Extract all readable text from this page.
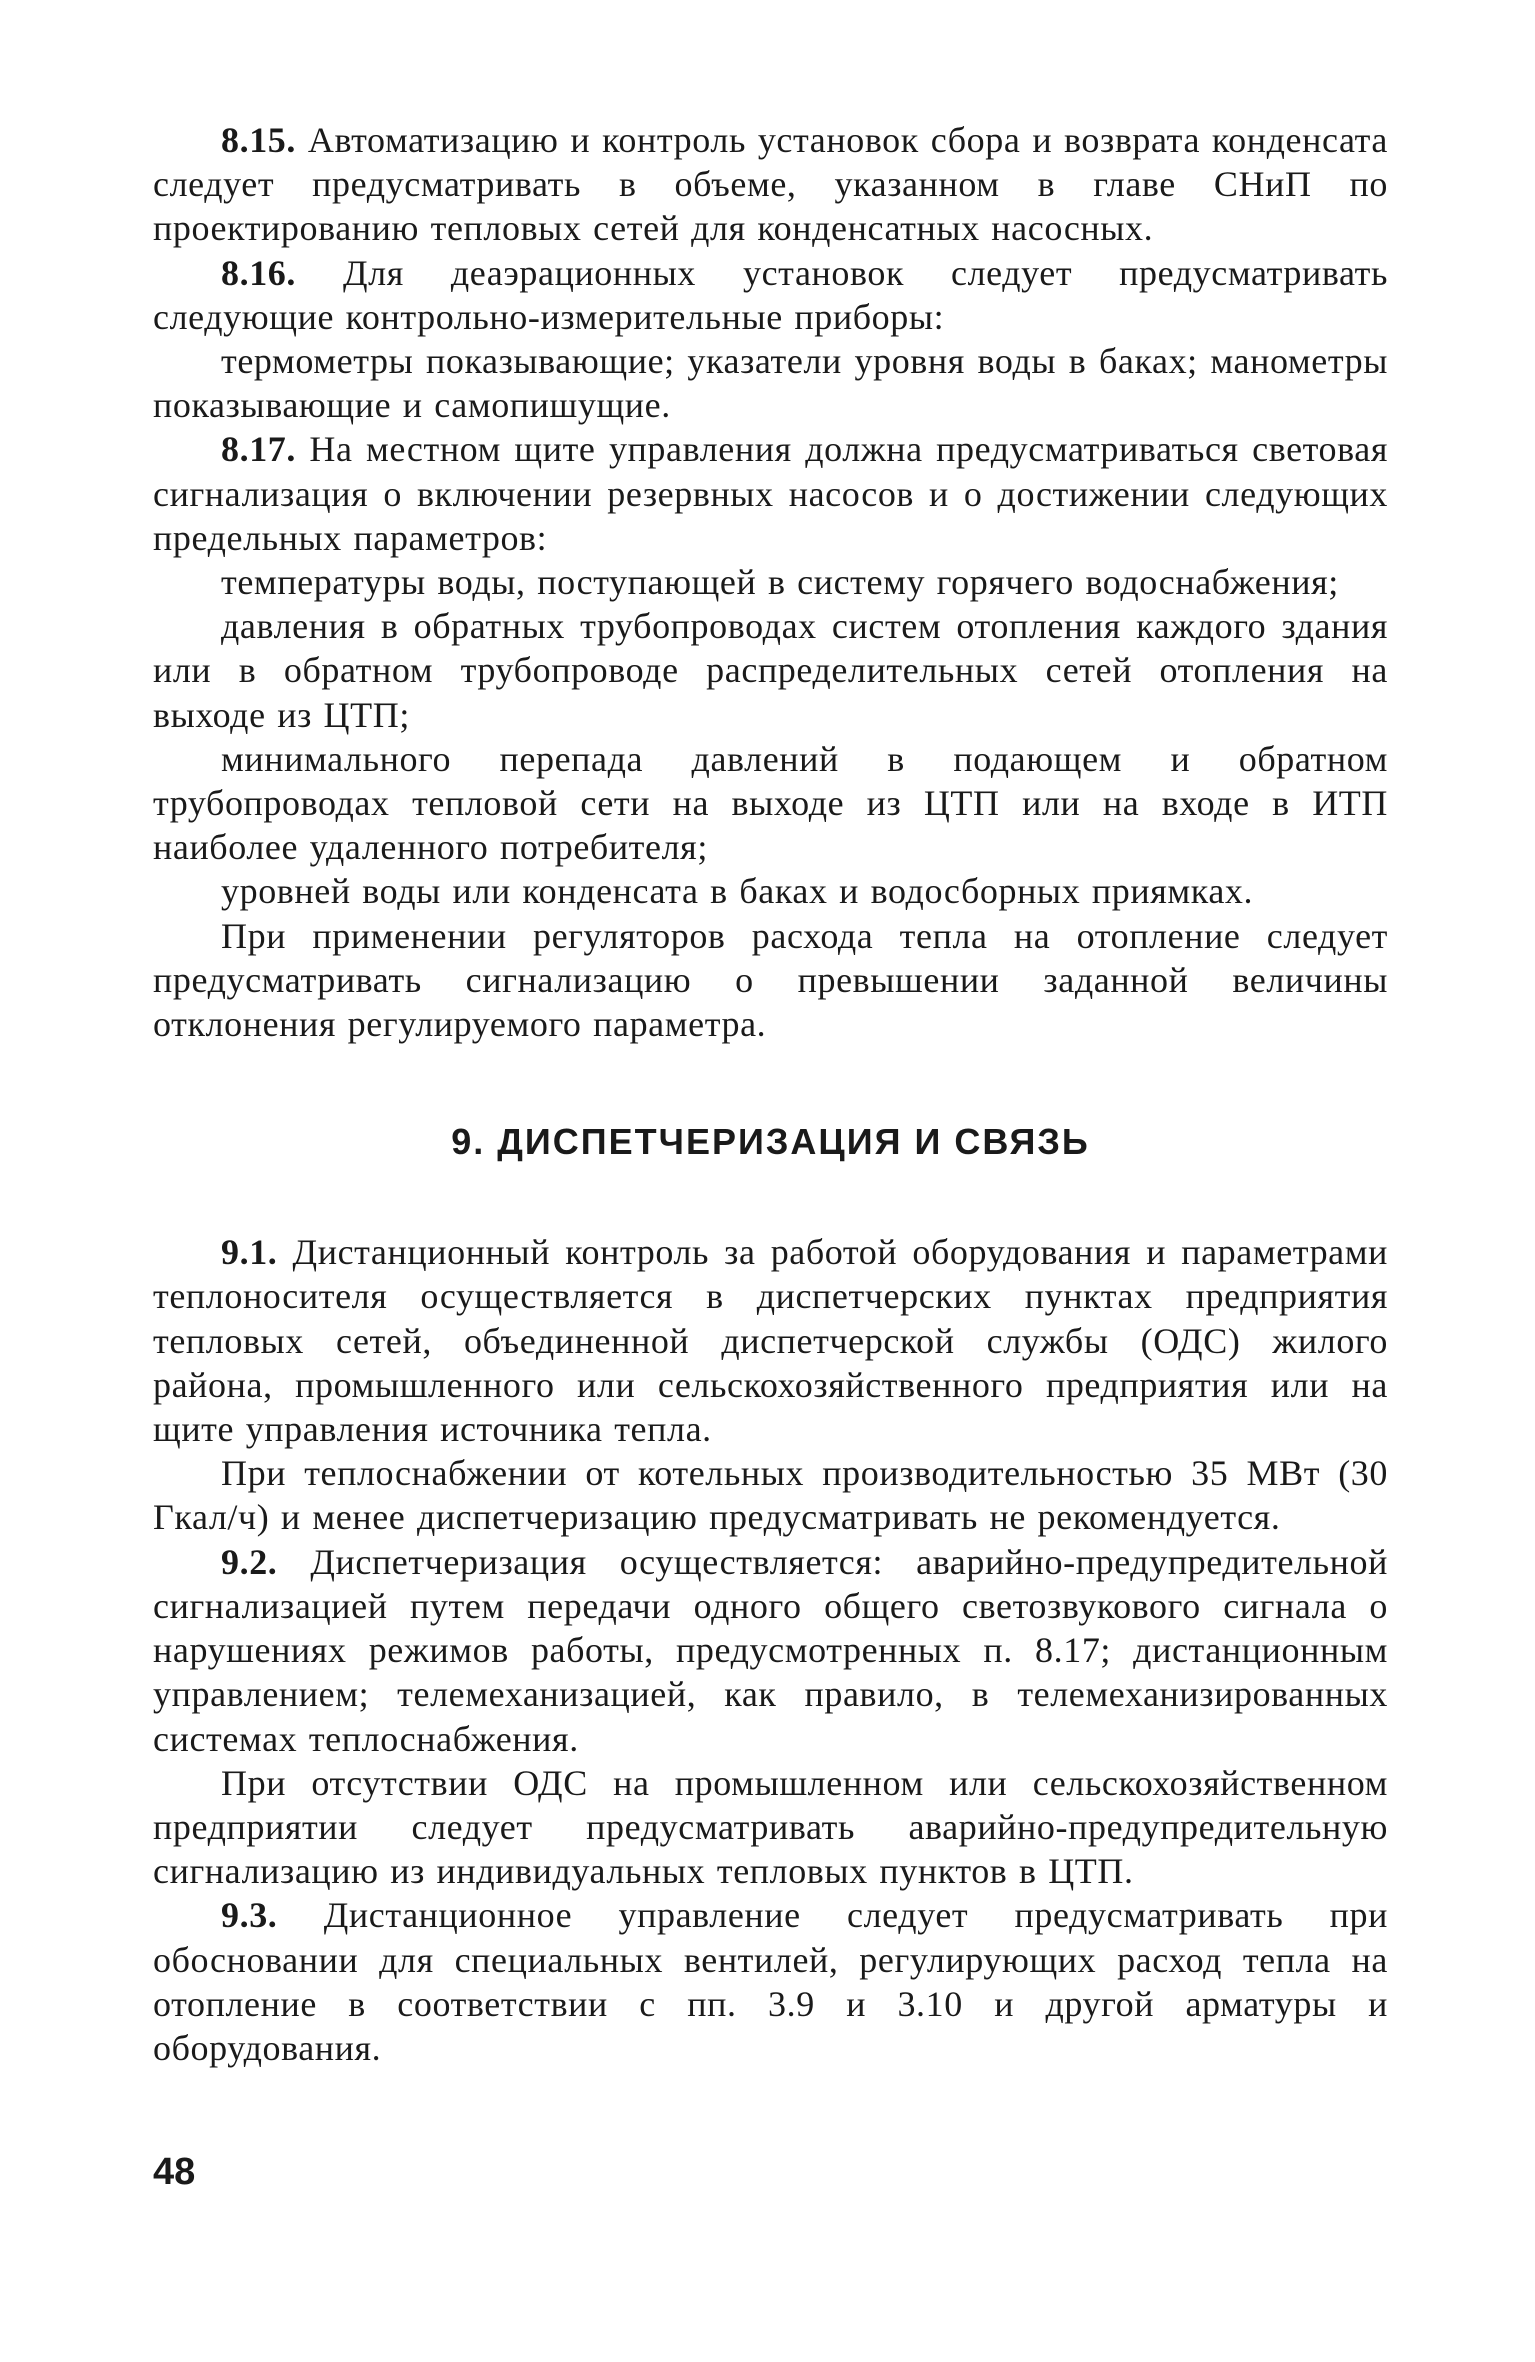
8.15. Автоматизацию и контроль установок сбора и возврата конденсата следует предусматривать в объеме, указанном в главе СНиП по проектированию тепловых сетей для конденсатных насосных.

8.16. Для деаэрационных установок следует предусматривать следующие контрольно-измерительные приборы:

термометры показывающие; указатели уровня воды в баках; манометры показывающие и самопишущие.

8.17. На местном щите управления должна предусматриваться световая сигнализация о включении резервных насосов и о достижении следующих предельных параметров:

температуры воды, поступающей в систему горячего водоснабжения;

давления в обратных трубопроводах систем отопления каждого здания или в обратном трубопроводе распределительных сетей отопления на выходе из ЦТП;

минимального перепада давлений в подающем и обратном трубопроводах тепловой сети на выходе из ЦТП или на входе в ИТП наиболее удаленного потребителя;

уровней воды или конденсата в баках и водосборных приямках.

При применении регуляторов расхода тепла на отопление следует предусматривать сигнализацию о превышении заданной величины отклонения регулируемого параметра.

9. ДИСПЕТЧЕРИЗАЦИЯ И СВЯЗЬ

9.1. Дистанционный контроль за работой оборудования и параметрами теплоносителя осуществляется в диспетчерских пунктах предприятия тепловых сетей, объединенной диспетчерской службы (ОДС) жилого района, промышленного или сельскохозяйственного предприятия или на щите управления источника тепла.

При теплоснабжении от котельных производительностью 35 МВт (30 Гкал/ч) и менее диспетчеризацию предусматривать не рекомендуется.

9.2. Диспетчеризация осуществляется: аварийно-предупредительной сигнализацией путем передачи одного общего светозвукового сигнала о нарушениях режимов работы, предусмотренных п. 8.17; дистанционным управлением; телемеханизацией, как правило, в телемеханизированных системах теплоснабжения.

При отсутствии ОДС на промышленном или сельскохозяйственном предприятии следует предусматривать аварийно-предупредительную сигнализацию из индивидуальных тепловых пунктов в ЦТП.

9.3. Дистанционное управление следует предусматривать при обосновании для специальных вентилей, регулирующих расход тепла на отопление в соответствии с пп. 3.9 и 3.10 и другой арматуры и оборудования.

48
